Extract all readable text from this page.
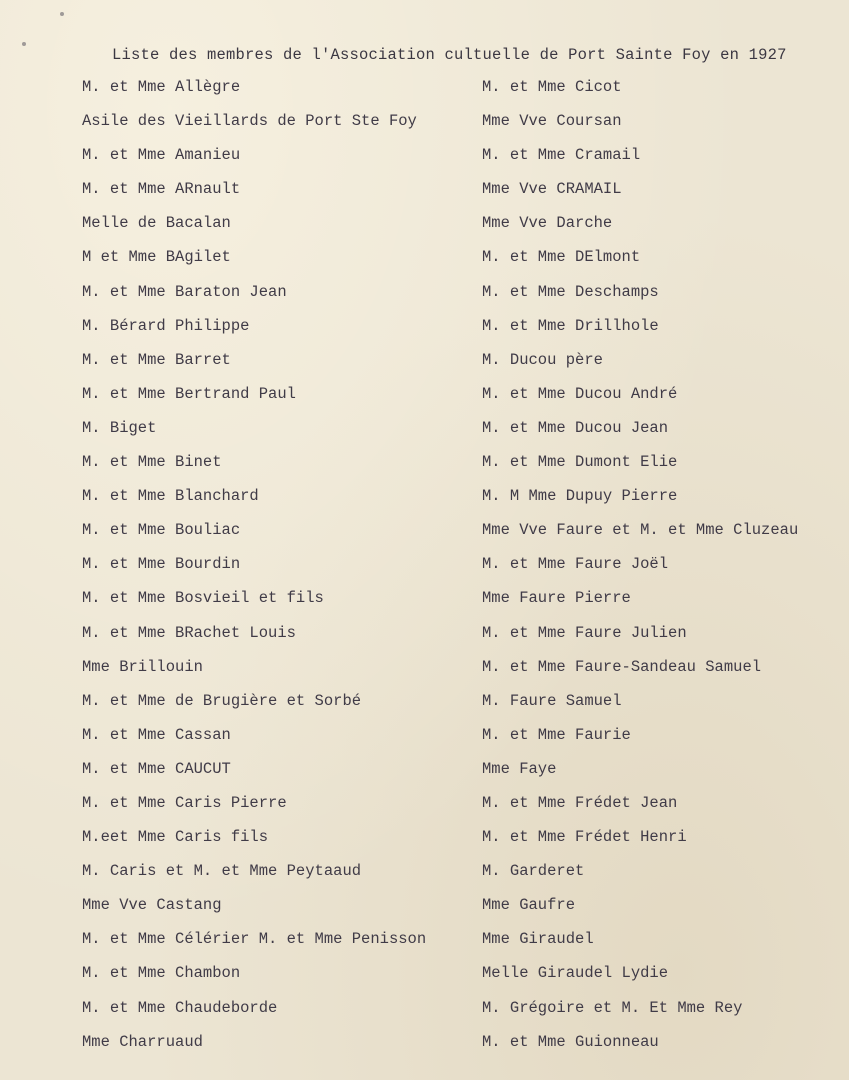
Liste des membres de l'Association cultuelle de Port Sainte Foy en 1927
M. et Mme Allègre
Asile des Vieillards de Port Ste Foy
M. et Mme Amanieu
M. et Mme ARnault
Melle de Bacalan
M et Mme BAgilet
M. et Mme Baraton Jean
M. Bérard Philippe
M. et Mme Barret
M. et Mme Bertrand Paul
M. Biget
M. et Mme Binet
M. et Mme Blanchard
M. et Mme Bouliac
M. et Mme Bourdin
M. et Mme Bosvieil et fils
M. et Mme BRachet Louis
Mme Brillouin
M. et Mme de Brugière et Sorbé
M. et Mme Cassan
M. et Mme CAUCUT
M. et Mme Caris Pierre
M.eet Mme Caris fils
M. Caris et M. et Mme Peytaaud
Mme Vve Castang
M. et Mme Célérier M. et Mme Penisson
M. et Mme Chambon
M. et Mme Chaudeborde
Mme Charruaud
M. et Mme Cicot
Mme Vve Coursan
M. et Mme Cramail
Mme Vve CRAMAIL
Mme Vve Darche
M. et Mme DElmont
M. et Mme Deschamps
M. et Mme Drillhole
M. Ducou père
M. et Mme Ducou André
M. et Mme Ducou Jean
M. et Mme Dumont Elie
M. M Mme Dupuy Pierre
Mme Vve Faure et M. et Mme Cluzeau
M. et Mme Faure Joël
Mme Faure Pierre
M. et Mme Faure Julien
M. et Mme Faure-Sandeau Samuel
M. Faure Samuel
M. et Mme Faurie
Mme Faye
M. et Mme Frédet Jean
M. et Mme Frédet Henri
M. Garderet
Mme Gaufre
Mme Giraudel
Melle Giraudel Lydie
M. Grégoire et M. Et Mme Rey
M. et Mme Guionneau
